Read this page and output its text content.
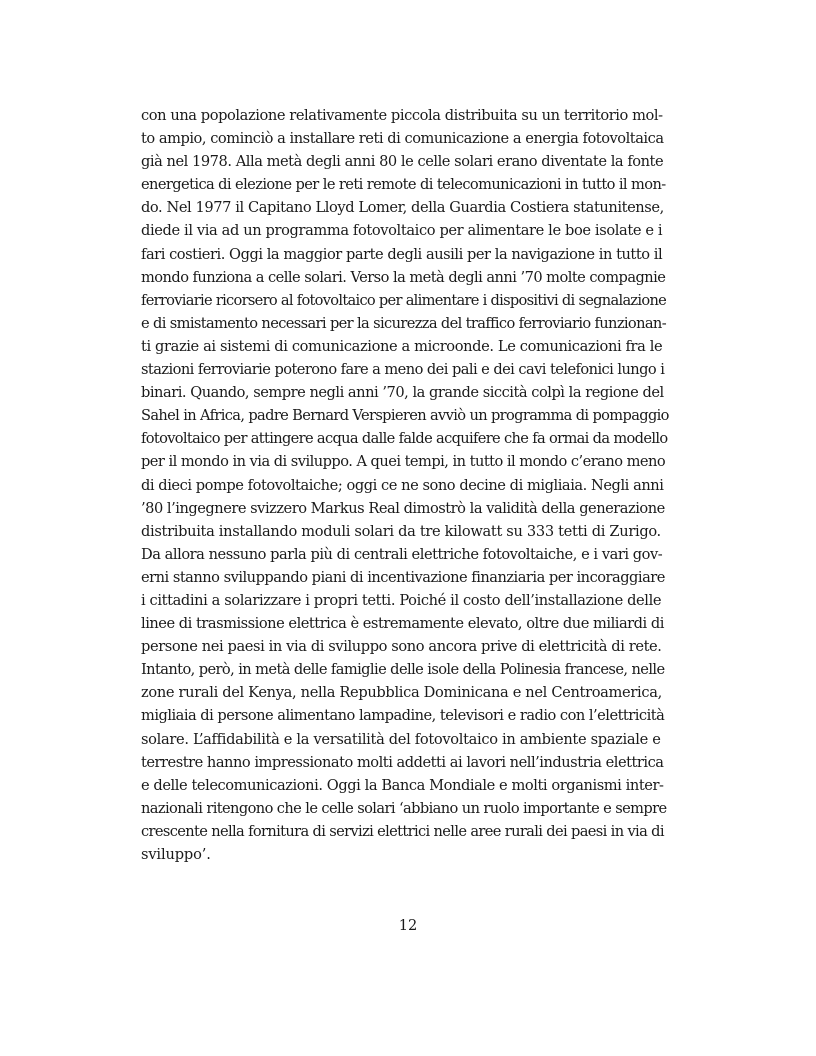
con una popolazione relativamente piccola distribuita su un territorio mol-
to ampio, cominciò a installare reti di comunicazione a energia fotovoltaica
già nel 1978. Alla metà degli anni 80 le celle solari erano diventate la fonte
energetica di elezione per le reti remote di telecomunicazioni in tutto il mon-
do. Nel 1977 il Capitano Lloyd Lomer, della Guardia Costiera statunitense,
diede il via ad un programma fotovoltaico per alimentare le boe isolate e i
fari costieri. Oggi la maggior parte degli ausili per la navigazione in tutto il
mondo funziona a celle solari. Verso la metà degli anni ’70 molte compagnie
ferroviarie ricorsero al fotovoltaico per alimentare i dispositivi di segnalazione
e di smistamento necessari per la sicurezza del traffico ferroviario funzionan-
ti grazie ai sistemi di comunicazione a microonde. Le comunicazioni fra le
stazioni ferroviarie poterono fare a meno dei pali e dei cavi telefonici lungo i
binari. Quando, sempre negli anni ’70, la grande siccità colpì la regione del
Sahel in Africa, padre Bernard Verspieren avviò un programma di pompaggio
fotovoltaico per attingere acqua dalle falde acquifere che fa ormai da modello
per il mondo in via di sviluppo. A quei tempi, in tutto il mondo c’erano meno
di dieci pompe fotovoltaiche; oggi ce ne sono decine di migliaia. Negli anni
’80 l’ingegnere svizzero Markus Real dimostrò la validità della generazione
distribuita installando moduli solari da tre kilowatt su 333 tetti di Zurigo.
Da allora nessuno parla più di centrali elettriche fotovoltaiche, e i vari gov-
erni stanno sviluppando piani di incentivazione finanziaria per incoraggiare
i cittadini a solarizzare i propri tetti. Poiché il costo dell’installazione delle
linee di trasmissione elettrica è estremamente elevato, oltre due miliardi di
persone nei paesi in via di sviluppo sono ancora prive di elettricità di rete.
Intanto, però, in metà delle famiglie delle isole della Polinesia francese, nelle
zone rurali del Kenya, nella Repubblica Dominicana e nel Centroamerica,
migliaia di persone alimentano lampadine, televisori e radio con l’elettricità
solare. L’affidabilità e la versatilità del fotovoltaico in ambiente spaziale e
terrestre hanno impressionato molti addetti ai lavori nell’industria elettrica
e delle telecomunicazioni. Oggi la Banca Mondiale e molti organismi inter-
nazionali ritengono che le celle solari ‘abbiano un ruolo importante e sempre
crescente nella fornitura di servizi elettrici nelle aree rurali dei paesi in via di
sviluppo’.
12
